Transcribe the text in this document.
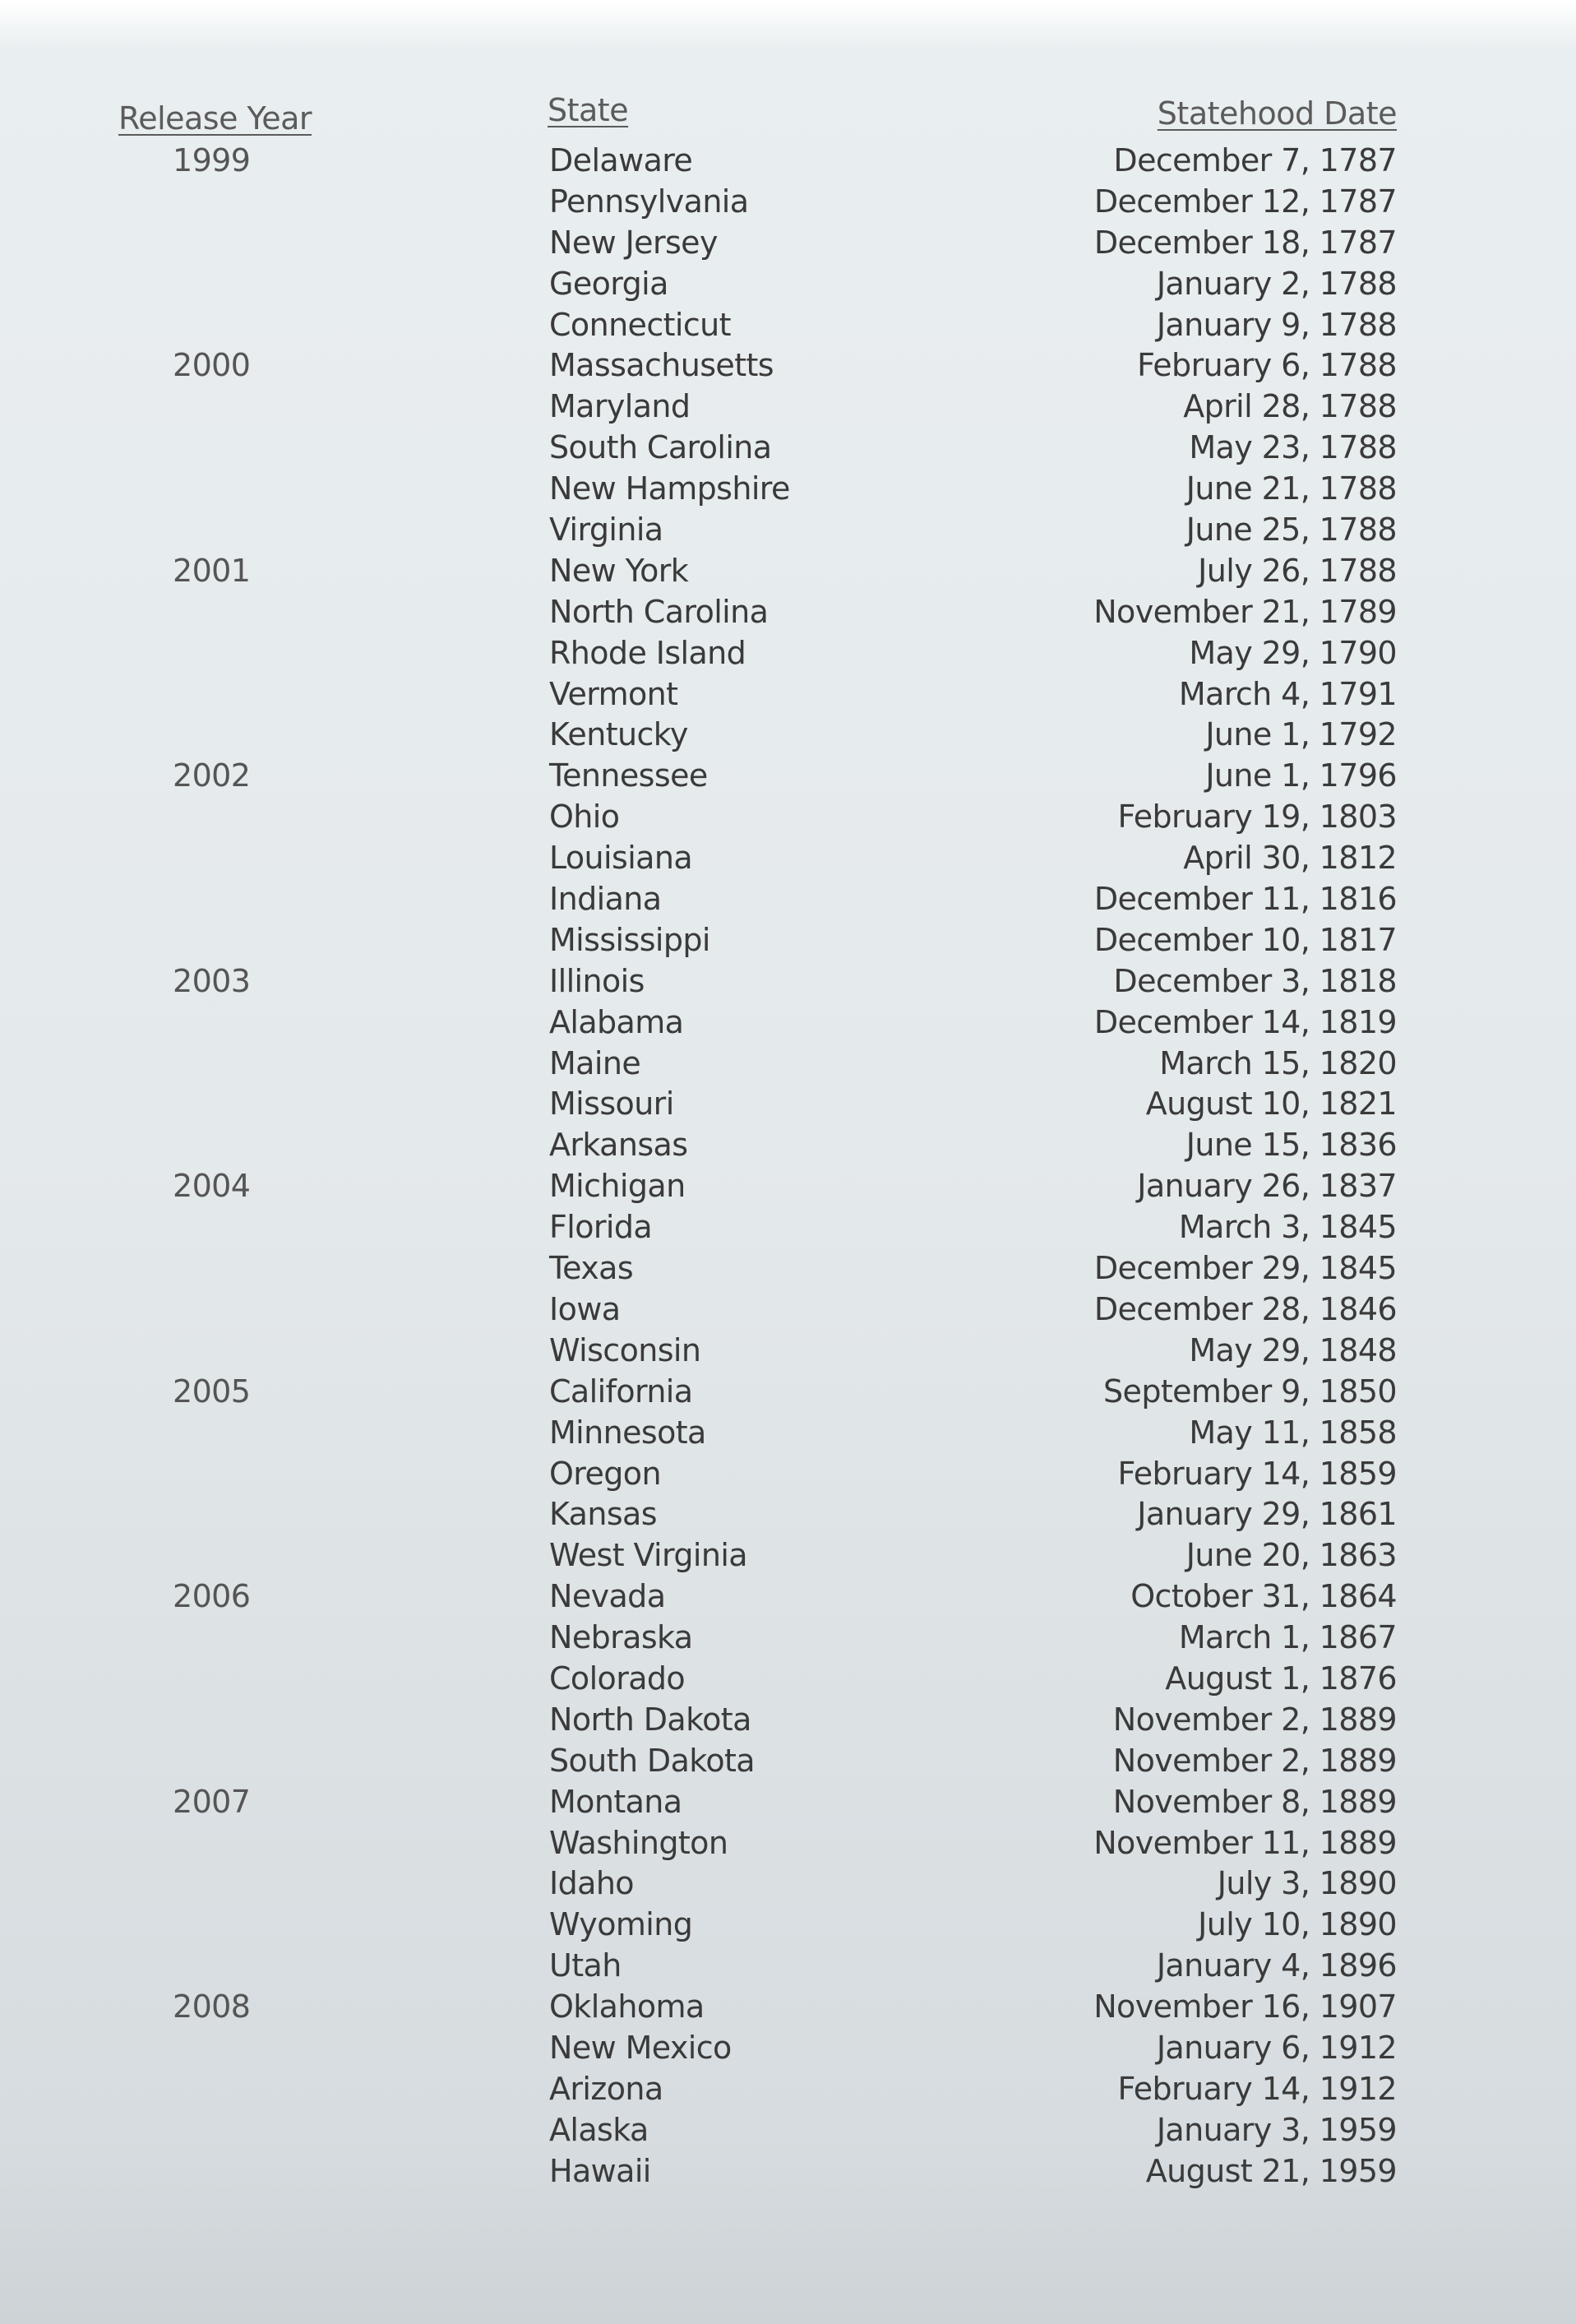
Release Year	State	Statehood Date
1999	Delaware	December 7, 1787
Pennsylvania	December 12, 1787
New Jersey	December 18, 1787
Georgia	January 2, 1788
Connecticut	January 9, 1788
2000	Massachusetts	February 6, 1788
Maryland	April 28, 1788
South Carolina	May 23, 1788
New Hampshire	June 21, 1788
Virginia	June 25, 1788
2001	New York	July 26, 1788
North Carolina	November 21, 1789
Rhode Island	May 29, 1790
Vermont	March 4, 1791
Kentucky	June 1, 1792
2002	Tennessee	June 1, 1796
Ohio	February 19, 1803
Louisiana	April 30, 1812
Indiana	December 11, 1816
Mississippi	December 10, 1817
2003	Illinois	December 3, 1818
Alabama	December 14, 1819
Maine	March 15, 1820
Missouri	August 10, 1821
Arkansas	June 15, 1836
2004	Michigan	January 26, 1837
Florida	March 3, 1845
Texas	December 29, 1845
Iowa	December 28, 1846
Wisconsin	May 29, 1848
2005	California	September 9, 1850
Minnesota	May 11, 1858
Oregon	February 14, 1859
Kansas	January 29, 1861
West Virginia	June 20, 1863
2006	Nevada	October 31, 1864
Nebraska	March 1, 1867
Colorado	August 1, 1876
North Dakota	November 2, 1889
South Dakota	November 2, 1889
2007	Montana	November 8, 1889
Washington	November 11, 1889
Idaho	July 3, 1890
Wyoming	July 10, 1890
Utah	January 4, 1896
2008	Oklahoma	November 16, 1907
New Mexico	January 6, 1912
Arizona	February 14, 1912
Alaska	January 3, 1959
Hawaii	August 21, 1959
